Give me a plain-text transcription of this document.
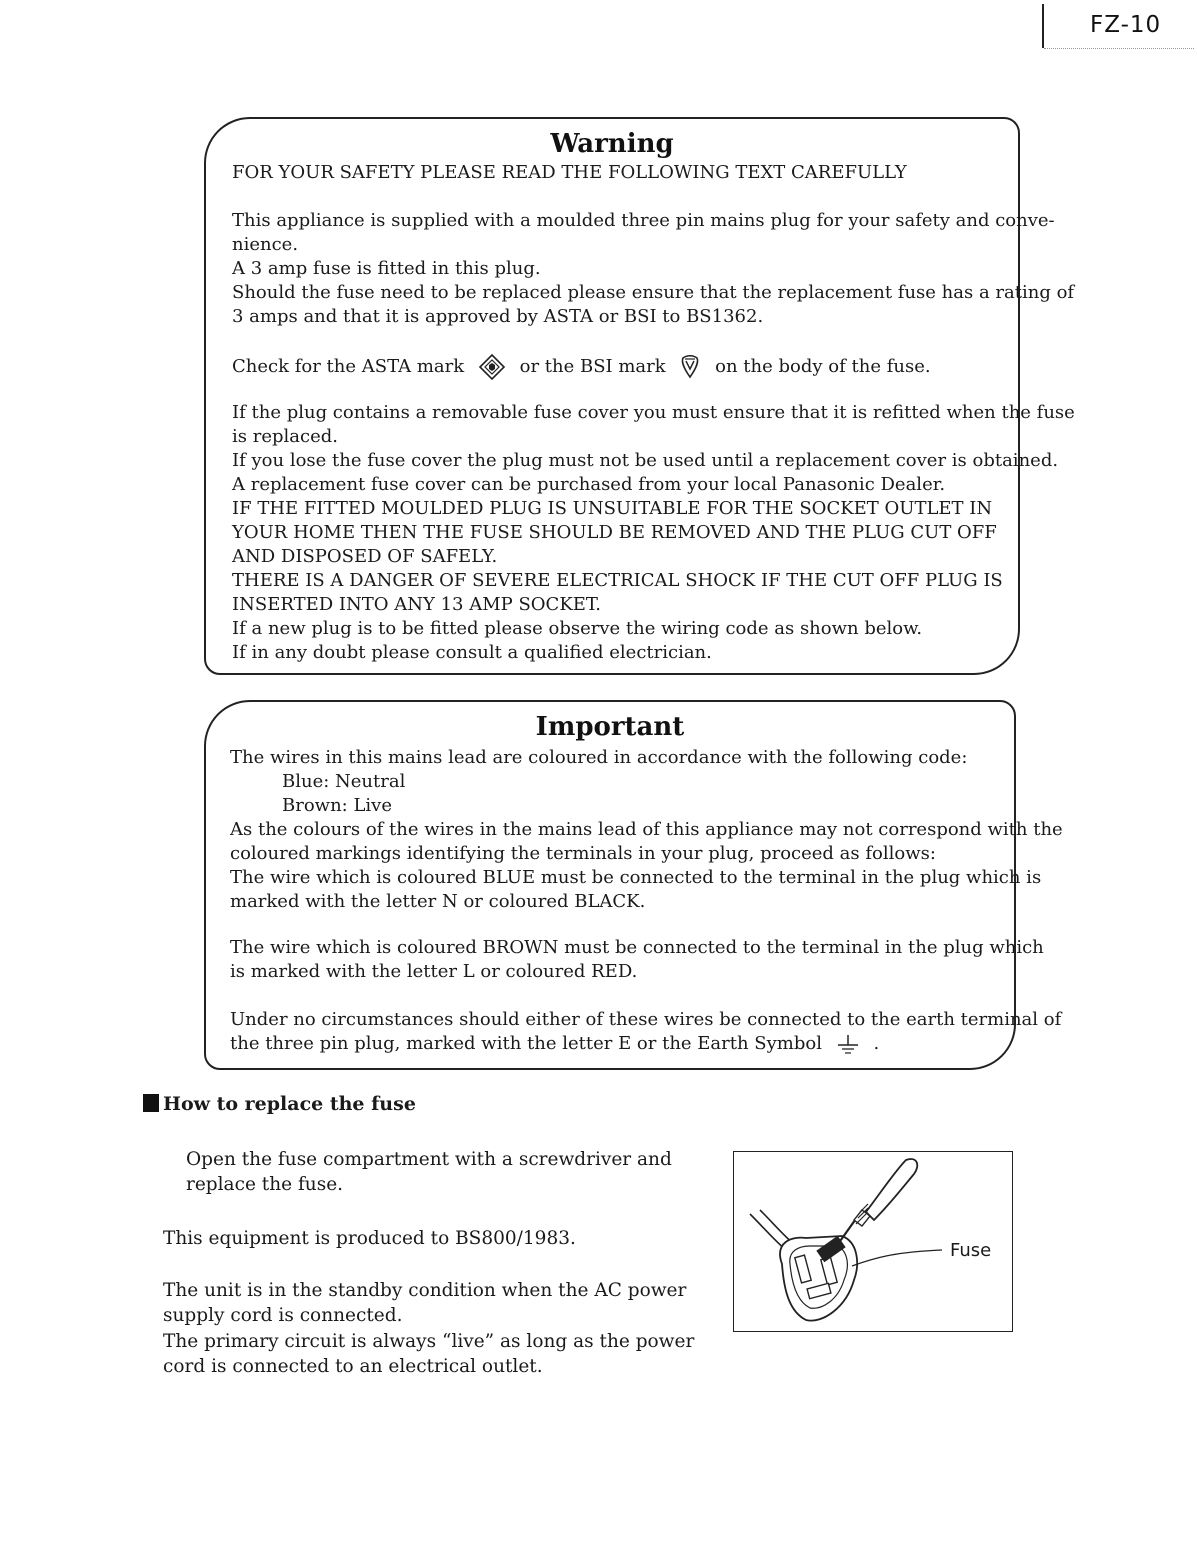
FZ-10
Warning
FOR YOUR SAFETY PLEASE READ THE FOLLOWING TEXT CAREFULLY
This appliance is supplied with a moulded three pin mains plug for your safety and conve-
nience.
A 3 amp fuse is fitted in this plug.
Should the fuse need to be replaced please ensure that the replacement fuse has a rating of
3 amps and that it is approved by ASTA or BSI to BS1362.
Check for the ASTA mark	or the BSI mark	on the body of the fuse.
If the plug contains a removable fuse cover you must ensure that it is refitted when the fuse
is replaced.
If you lose the fuse cover the plug must not be used until a replacement cover is obtained.
A replacement fuse cover can be purchased from your local Panasonic Dealer.
IF THE FITTED MOULDED PLUG IS UNSUITABLE FOR THE SOCKET OUTLET IN
YOUR HOME THEN THE FUSE SHOULD BE REMOVED AND THE PLUG CUT OFF
AND DISPOSED OF SAFELY.
THERE IS A DANGER OF SEVERE ELECTRICAL SHOCK IF THE CUT OFF PLUG IS
INSERTED INTO ANY 13 AMP SOCKET.
If a new plug is to be fitted please observe the wiring code as shown below.
If in any doubt please consult a qualified electrician.
Important
The wires in this mains lead are coloured in accordance with the following code:
Blue: Neutral
Brown: Live
As the colours of the wires in the mains lead of this appliance may not correspond with the
coloured markings identifying the terminals in your plug, proceed as follows:
The wire which is coloured BLUE must be connected to the terminal in the plug which is
marked with the letter N or coloured BLACK.
The wire which is coloured BROWN must be connected to the terminal in the plug which
is marked with the letter L or coloured RED.
Under no circumstances should either of these wires be connected to the earth terminal of
the three pin plug, marked with the letter E or the Earth Symbol	.
How to replace the fuse
Open the fuse compartment with a screwdriver and
replace the fuse.
This equipment is produced to BS800/1983.
The unit is in the standby condition when the AC power
supply cord is connected.
The primary circuit is always “live” as long as the power
cord is connected to an electrical outlet.
Fuse
